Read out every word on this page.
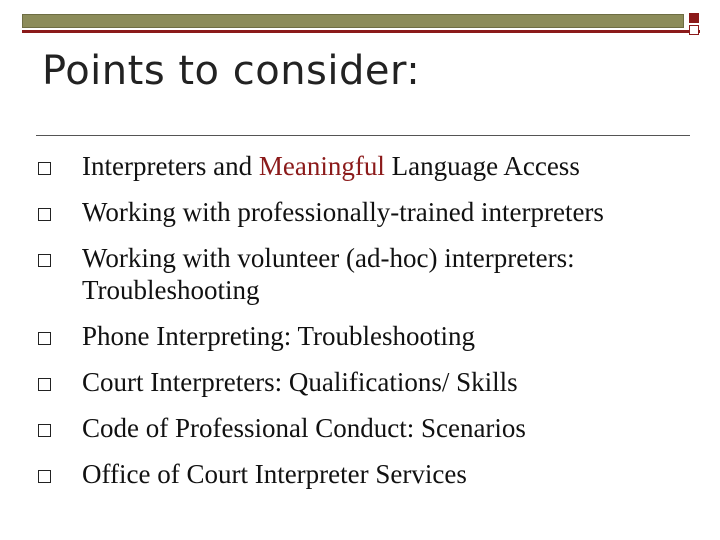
Points to consider:
Interpreters and Meaningful Language Access
Working with professionally-trained interpreters
Working with volunteer (ad-hoc) interpreters: Troubleshooting
Phone Interpreting: Troubleshooting
Court Interpreters: Qualifications/ Skills
Code of Professional Conduct: Scenarios
Office of Court Interpreter Services
